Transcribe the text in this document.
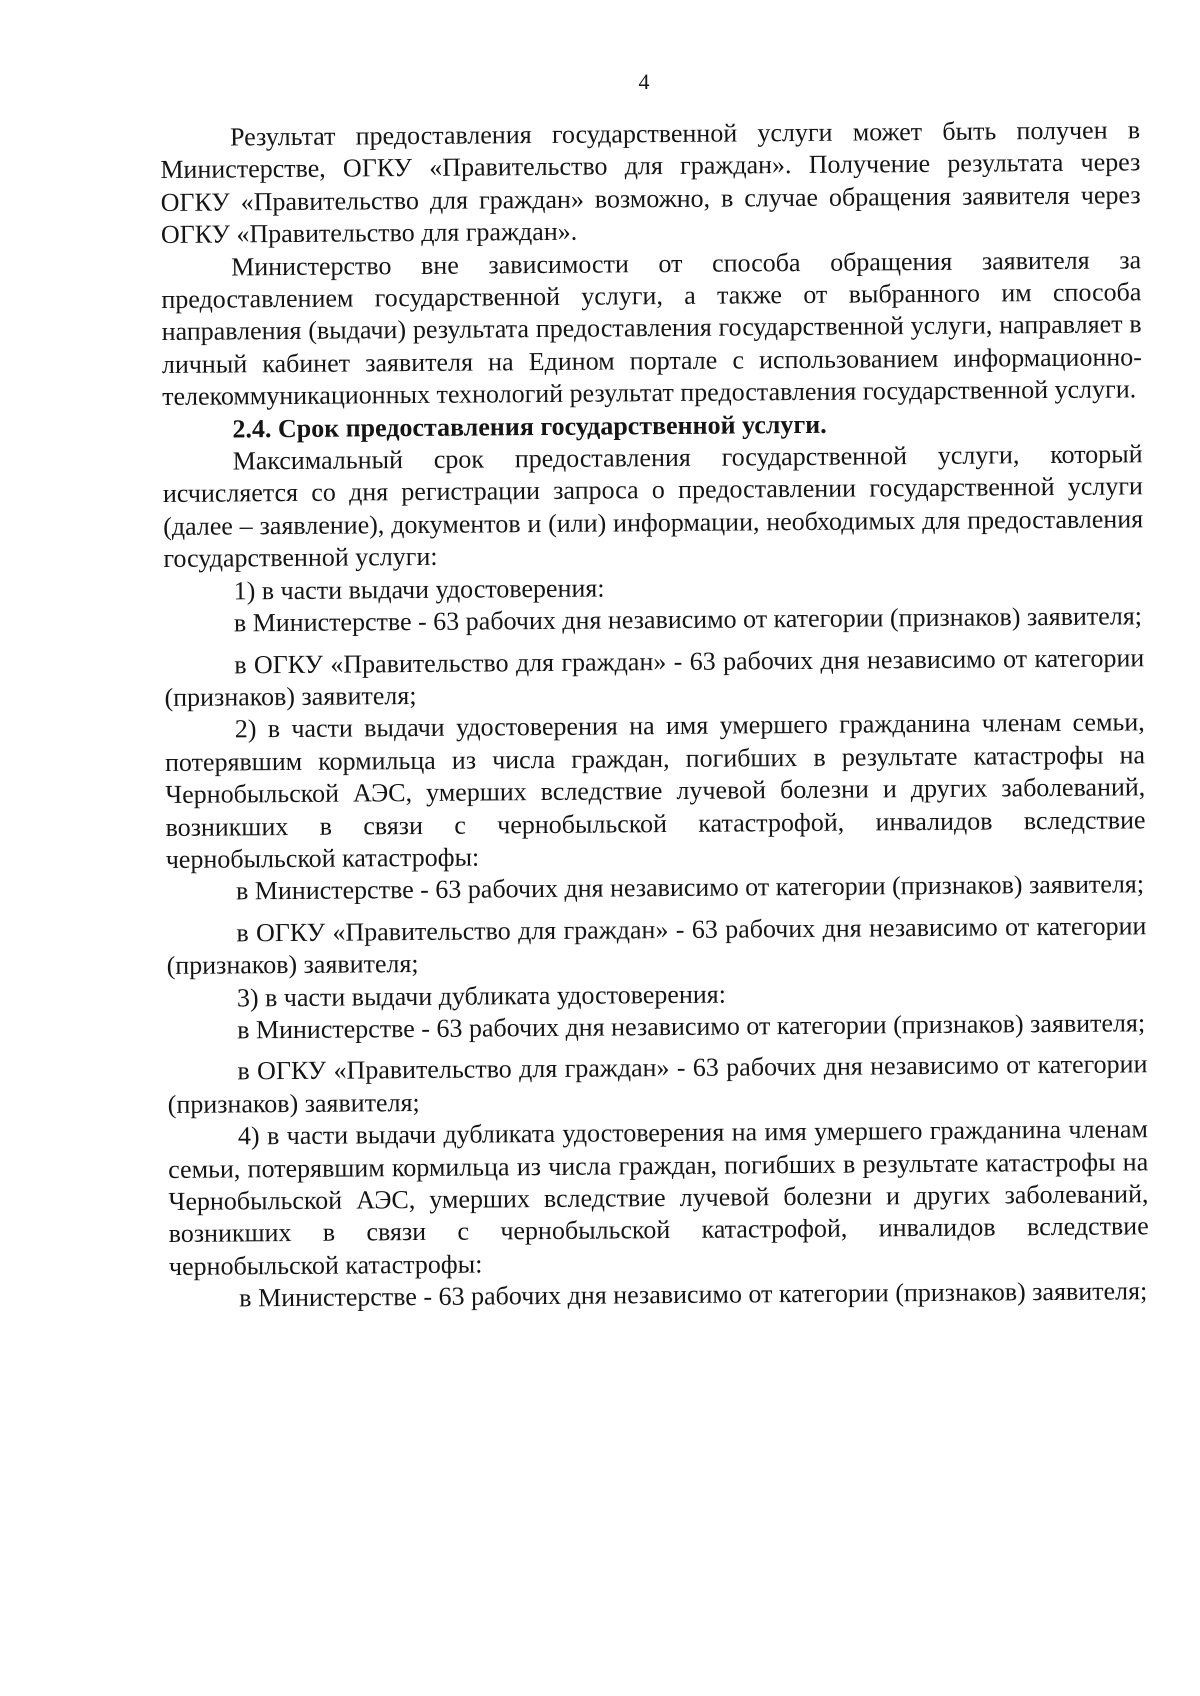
4

Результат предоставления государственной услуги может быть получен в Министерстве, ОГКУ «Правительство для граждан». Получение результата через ОГКУ «Правительство для граждан» возможно, в случае обращения заявителя через ОГКУ «Правительство для граждан».

Министерство вне зависимости от способа обращения заявителя за предоставлением государственной услуги, а также от выбранного им способа направления (выдачи) результата предоставления государственной услуги, направляет в личный кабинет заявителя на Едином портале с использованием информационно-телекоммуникационных технологий результат предоставления государственной услуги.

2.4. Срок предоставления государственной услуги.

Максимальный срок предоставления государственной услуги, который исчисляется со дня регистрации запроса о предоставлении государственной услуги (далее – заявление), документов и (или) информации, необходимых для предоставления государственной услуги:

1) в части выдачи удостоверения:

в Министерстве - 63 рабочих дня независимо от категории (признаков) заявителя;

в ОГКУ «Правительство для граждан» - 63 рабочих дня независимо от категории (признаков) заявителя;

2) в части выдачи удостоверения на имя умершего гражданина членам семьи, потерявшим кормильца из числа граждан, погибших в результате катастрофы на Чернобыльской АЭС, умерших вследствие лучевой болезни и других заболеваний, возникших в связи с чернобыльской катастрофой, инвалидов вследствие чернобыльской катастрофы:

в Министерстве - 63 рабочих дня независимо от категории (признаков) заявителя;

в ОГКУ «Правительство для граждан» - 63 рабочих дня независимо от категории (признаков) заявителя;

3) в части выдачи дубликата удостоверения:

в Министерстве - 63 рабочих дня независимо от категории (признаков) заявителя;

в ОГКУ «Правительство для граждан» - 63 рабочих дня независимо от категории (признаков) заявителя;

4) в части выдачи дубликата удостоверения на имя умершего гражданина членам семьи, потерявшим кормильца из числа граждан, погибших в результате катастрофы на Чернобыльской АЭС, умерших вследствие лучевой болезни и других заболеваний, возникших в связи с чернобыльской катастрофой, инвалидов вследствие чернобыльской катастрофы:

в Министерстве - 63 рабочих дня независимо от категории (признаков) заявителя;
